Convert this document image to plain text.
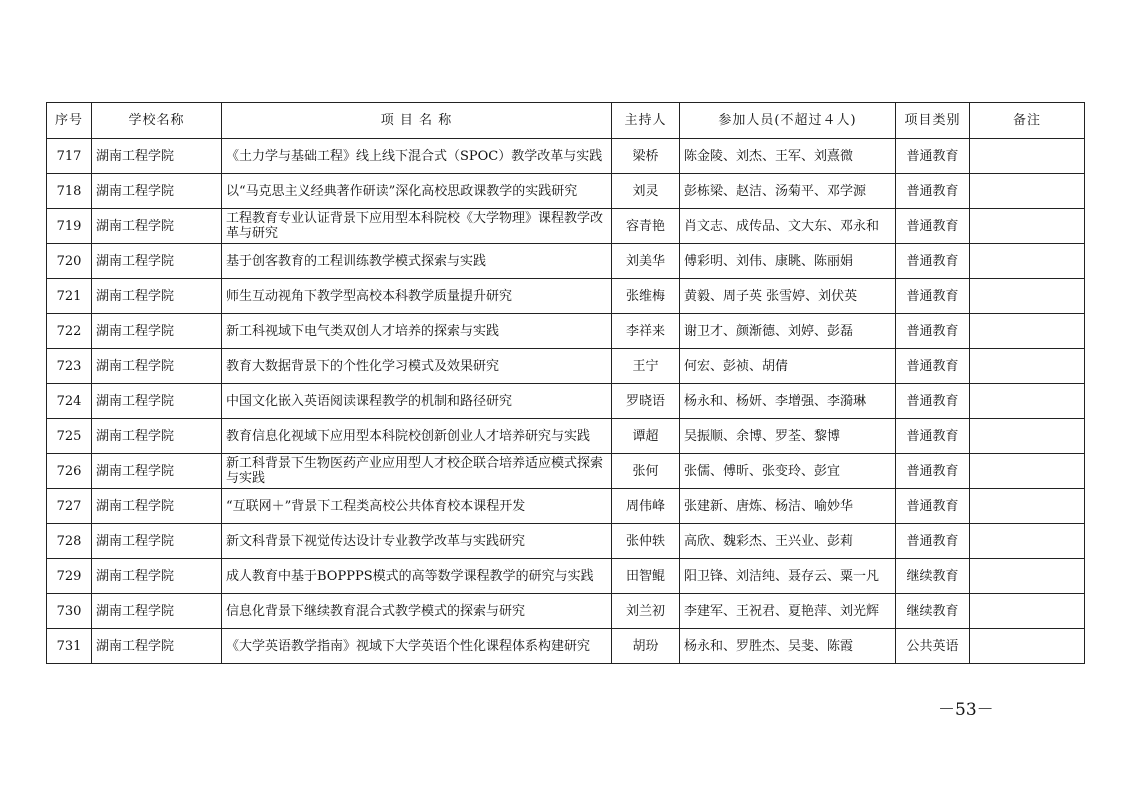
序号	学校名称	项 目 名 称	主持人	参加人员(不超过４人)	项目类别	备注
717	湖南工程学院	《土力学与基础工程》线上线下混合式（SPOC）教学改革与实践	梁桥	陈金陵、刘杰、王军、刘熹微	普通教育	
718	湖南工程学院	以“马克思主义经典著作研读”深化高校思政课教学的实践研究	刘灵	彭栋梁、赵洁、汤菊平、邓学源	普通教育	
719	湖南工程学院	工程教育专业认证背景下应用型本科院校《大学物理》课程教学改革与研究	容青艳	肖文志、成传品、文大东、邓永和	普通教育	
720	湖南工程学院	基于创客教育的工程训练教学模式探索与实践	刘美华	傅彩明、刘伟、康眺、陈丽娟	普通教育	
721	湖南工程学院	师生互动视角下教学型高校本科教学质量提升研究	张维梅	黄毅、周子英 张雪婷、刘伏英	普通教育	
722	湖南工程学院	新工科视域下电气类双创人才培养的探索与实践	李祥来	谢卫才、颜渐德、刘婷、彭磊	普通教育	
723	湖南工程学院	教育大数据背景下的个性化学习模式及效果研究	王宁	何宏、彭祯、胡倩	普通教育	
724	湖南工程学院	中国文化嵌入英语阅读课程教学的机制和路径研究	罗晓语	杨永和、杨妍、李增强、李漪琳	普通教育	
725	湖南工程学院	教育信息化视域下应用型本科院校创新创业人才培养研究与实践	谭超	吴振顺、余博、罗荃、黎博	普通教育	
726	湖南工程学院	新工科背景下生物医药产业应用型人才校企联合培养适应模式探索与实践	张何	张儒、傅昕、张变玲、彭宜	普通教育	
727	湖南工程学院	“互联网＋”背景下工程类高校公共体育校本课程开发	周伟峰	张建新、唐炼、杨洁、喻妙华	普通教育	
728	湖南工程学院	新文科背景下视觉传达设计专业教学改革与实践研究	张仲轶	高欣、魏彩杰、王兴业、彭莉	普通教育	
729	湖南工程学院	成人教育中基于BOPPPS模式的高等数学课程教学的研究与实践	田智鲲	阳卫锋、刘洁纯、聂存云、粟一凡	继续教育	
730	湖南工程学院	信息化背景下继续教育混合式教学模式的探索与研究	刘兰初	李建军、王祝君、夏艳萍、刘光辉	继续教育	
731	湖南工程学院	《大学英语教学指南》视域下大学英语个性化课程体系构建研究	胡玢	杨永和、罗胜杰、吴斐、陈霞	公共英语	
－53－
